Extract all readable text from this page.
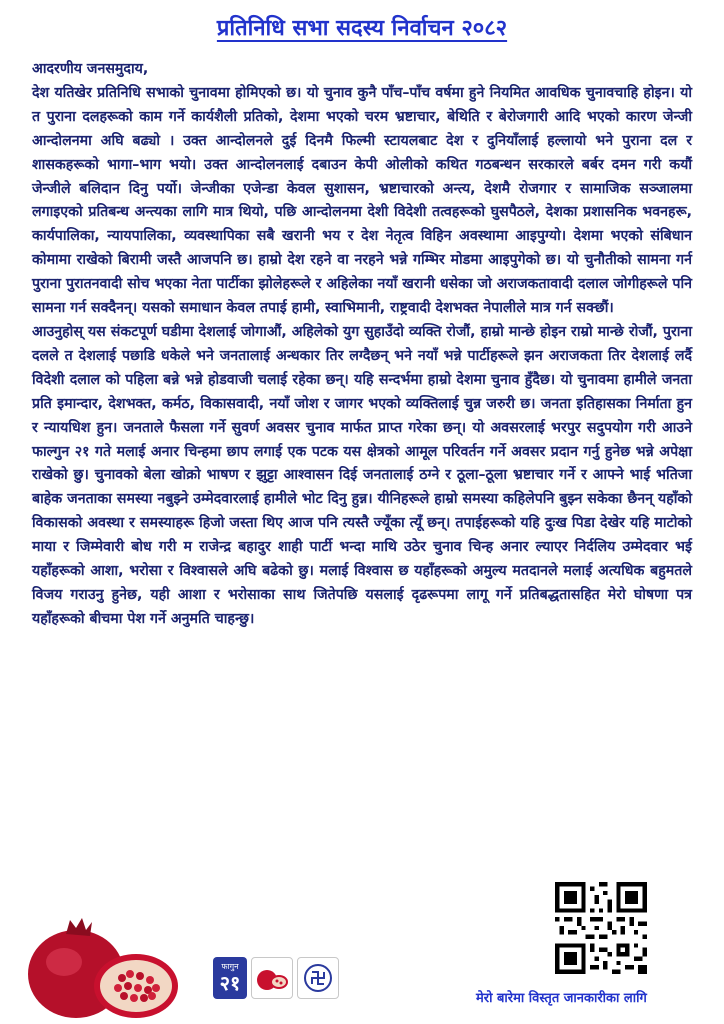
प्रतिनिधि सभा सदस्य निर्वाचन २०८२

आदरणीय जनसमुदाय,

देश यतिखेर प्रतिनिधि सभाको चुनावमा होमिएको छ। यो चुनाव कुनै पाँच–पाँच वर्षमा हुने नियमित आवधिक चुनावचाहि होइन। यो त पुराना दलहरूको काम गर्ने कार्यशैली प्रतिको, देशमा भएको चरम भ्रष्टाचार, बेथिति र बेरोजगारी आदि भएको कारण जेन्जी आन्दोलनमा अघि बढ्यो । उक्त आन्दोलनले दुई दिनमै फिल्मी स्टायलबाट देश र दुनियाँलाई हल्लायो भने पुराना दल र शासकहरूको भागा–भाग भयो। उक्त आन्दोलनलाई दबाउन केपी ओलीको कथित गठबन्धन सरकारले बर्बर दमन गरी कयौं जेन्जीले बलिदान दिनु पर्यो। जेन्जीका एजेन्डा केवल सुशासन, भ्रष्टाचारको अन्त्य, देशमै रोजगार र सामाजिक सञ्जालमा लगाइएको प्रतिबन्ध अन्त्यका लागि मात्र थियो, पछि आन्दोलनमा देशी विदेशी तत्वहरूको घुसपैठले, देशका प्रशासनिक भवनहरू, कार्यपालिका, न्यायपालिका, व्यवस्थापिका सबै खरानी भय र देश नेतृत्व विहिन अवस्थामा आइपुग्यो। देशमा भएको संबिधान कोमामा राखेको बिरामी जस्तै आजपनि छ। हाम्रो देश रहने वा नरहने भन्ने गम्भिर मोडमा आइपुगेको छ। यो चुनौतीको सामना गर्न पुराना पुरातनवादी सोच भएका नेता पार्टीका झोलेहरूले र अहिलेका नयाँ खरानी धसेका जो अराजकतावादी दलाल जोगीहरूले पनि सामना गर्न सक्दैनन्। यसको समाधान केवल तपाई हामी, स्वाभिमानी, राष्ट्रवादी देशभक्त नेपालीले मात्र गर्न सक्छौं।

आउनुहोस् यस संकटपूर्ण घडीमा देशलाई जोगाऔं, अहिलेको युग सुहाउँदो व्यक्ति रोजौं, हाम्रो मान्छे होइन राम्रो मान्छे रोजौं, पुराना दलले त देशलाई पछाडि धकेले भने जनतालाई अन्धकार तिर लग्दैछन् भने नयाँ भन्ने पार्टीहरूले झन अराजकता तिर देशलाई लर्दै विदेशी दलाल को पहिला बन्ने भन्ने होडवाजी चलाई रहेका छन्। यहि सन्दर्भमा हाम्रो देशमा चुनाव हुँदैछ। यो चुनावमा हामीले जनता प्रति इमान्दार, देशभक्त, कर्मठ, विकासवादी, नयाँ जोश र जागर भएको व्यक्तिलाई चुन्न जरुरी छ। जनता इतिहासका निर्माता हुन र न्यायधिश हुन। जनताले फैसला गर्ने सुवर्ण अवसर चुनाव मार्फत प्राप्त गरेका छन्। यो अवसरलाई भरपुर सदुपयोग गरी आउने फाल्गुन २१ गते मलाई अनार चिन्हमा छाप लगाई एक पटक यस क्षेत्रको आमूल परिवर्तन गर्ने अवसर प्रदान गर्नु हुनेछ भन्ने अपेक्षा राखेको छु। चुनावको बेला खोक्रो भाषण र झुट्टा आश्वासन दिई जनतालाई ठग्ने र ठूला–ठूला भ्रष्टाचार गर्ने र आफ्ने भाई भतिजा बाहेक जनताका समस्या नबुझ्ने उम्मेदवारलाई हामीले भोट दिनु हुन्न। यीनिहरूले हाम्रो समस्या कहिलेपनि बुझ्न सकेका छैनन् यहाँको विकासको अवस्था र समस्याहरू हिजो जस्ता थिए आज पनि त्यस्तै ज्यूँका त्यूँ छन्। तपाईहरूको यहि दुःख पिडा देखेर यहि माटोको माया र जिम्मेवारी बोध गरी म राजेन्द्र बहादुर शाही पार्टी भन्दा माथि उठेर चुनाव चिन्ह अनार ल्याएर निर्दलिय उम्मेदवार भई यहाँहरूको आशा, भरोसा र विश्वासले अघि बढेको छु। मलाई विश्वास छ यहाँहरूको अमुल्य मतदानले मलाई अत्यधिक बहुमतले विजय गराउनु हुनेछ, यही आशा र भरोसाका साथ जितेपछि यसलाई दृढरूपमा लागू गर्ने प्रतिबद्धतासहित मेरो घोषणा पत्र यहाँहरूको बीचमा पेश गर्ने अनुमति चाहन्छु।

फागुन
२१

मेरो बारेमा विस्तृत जानकारीका लागि
